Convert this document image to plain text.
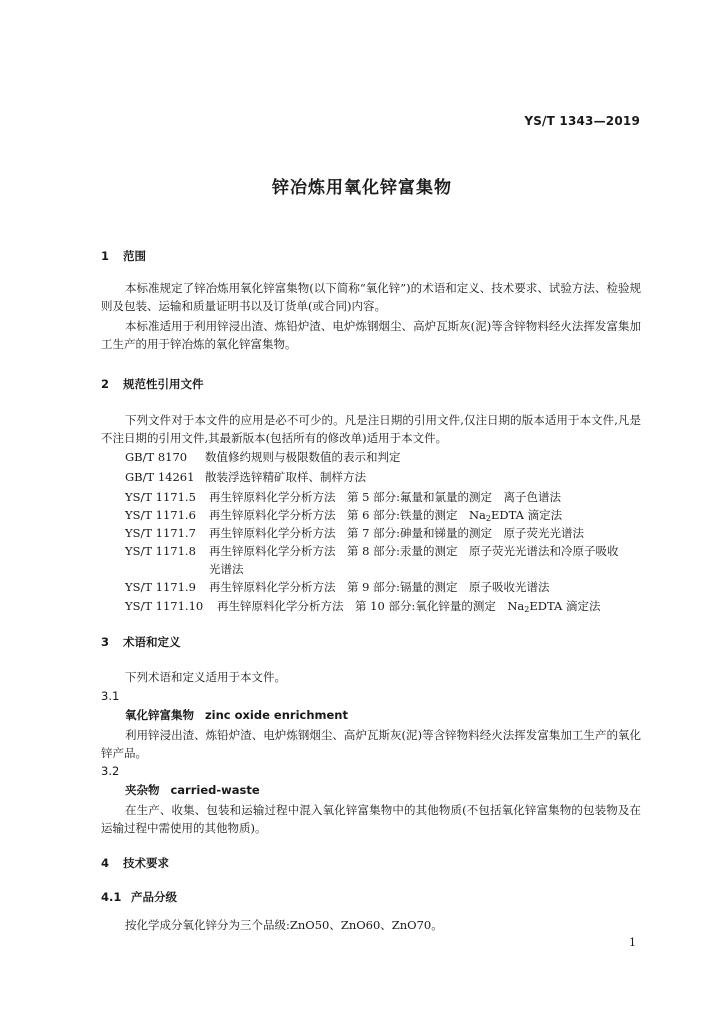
YS/T 1343—2019
锌冶炼用氧化锌富集物
1 范围
本标准规定了锌冶炼用氧化锌富集物(以下简称“氧化锌”)的术语和定义、技术要求、试验方法、检验规则及包装、运输和质量证明书以及订货单(或合同)内容。
本标准适用于利用锌浸出渣、炼铅炉渣、电炉炼钢烟尘、高炉瓦斯灰(泥)等含锌物料经火法挥发富集加工生产的用于锌冶炼的氧化锌富集物。
2 规范性引用文件
下列文件对于本文件的应用是必不可少的。凡是注日期的引用文件,仅注日期的版本适用于本文件,凡是不注日期的引用文件,其最新版本(包括所有的修改单)适用于本文件。
GB/T 8170 数值修约规则与极限数值的表示和判定
GB/T 14261 散装浮选锌精矿取样、制样方法
YS/T 1171.5 再生锌原料化学分析方法　第 5 部分:氟量和氯量的测定　离子色谱法
YS/T 1171.6 再生锌原料化学分析方法　第 6 部分:铁量的测定　Na2EDTA 滴定法
YS/T 1171.7 再生锌原料化学分析方法　第 7 部分:砷量和锑量的测定　原子荧光光谱法
YS/T 1171.8 再生锌原料化学分析方法　第 8 部分:汞量的测定　原子荧光光谱法和冷原子吸收
光谱法
YS/T 1171.9 再生锌原料化学分析方法　第 9 部分:镉量的测定　原子吸收光谱法
YS/T 1171.10 再生锌原料化学分析方法　第 10 部分:氧化锌量的测定　Na2EDTA 滴定法
3 术语和定义
下列术语和定义适用于本文件。
3.1
氧化锌富集物 zinc oxide enrichment
利用锌浸出渣、炼铅炉渣、电炉炼钢烟尘、高炉瓦斯灰(泥)等含锌物料经火法挥发富集加工生产的氧化锌产品。
3.2
夹杂物 carried-waste
在生产、收集、包装和运输过程中混入氧化锌富集物中的其他物质(不包括氧化锌富集物的包装物及在运输过程中需使用的其他物质)。
4 技术要求
4.1 产品分级
按化学成分氧化锌分为三个品级:ZnO50、ZnO60、ZnO70。
1
